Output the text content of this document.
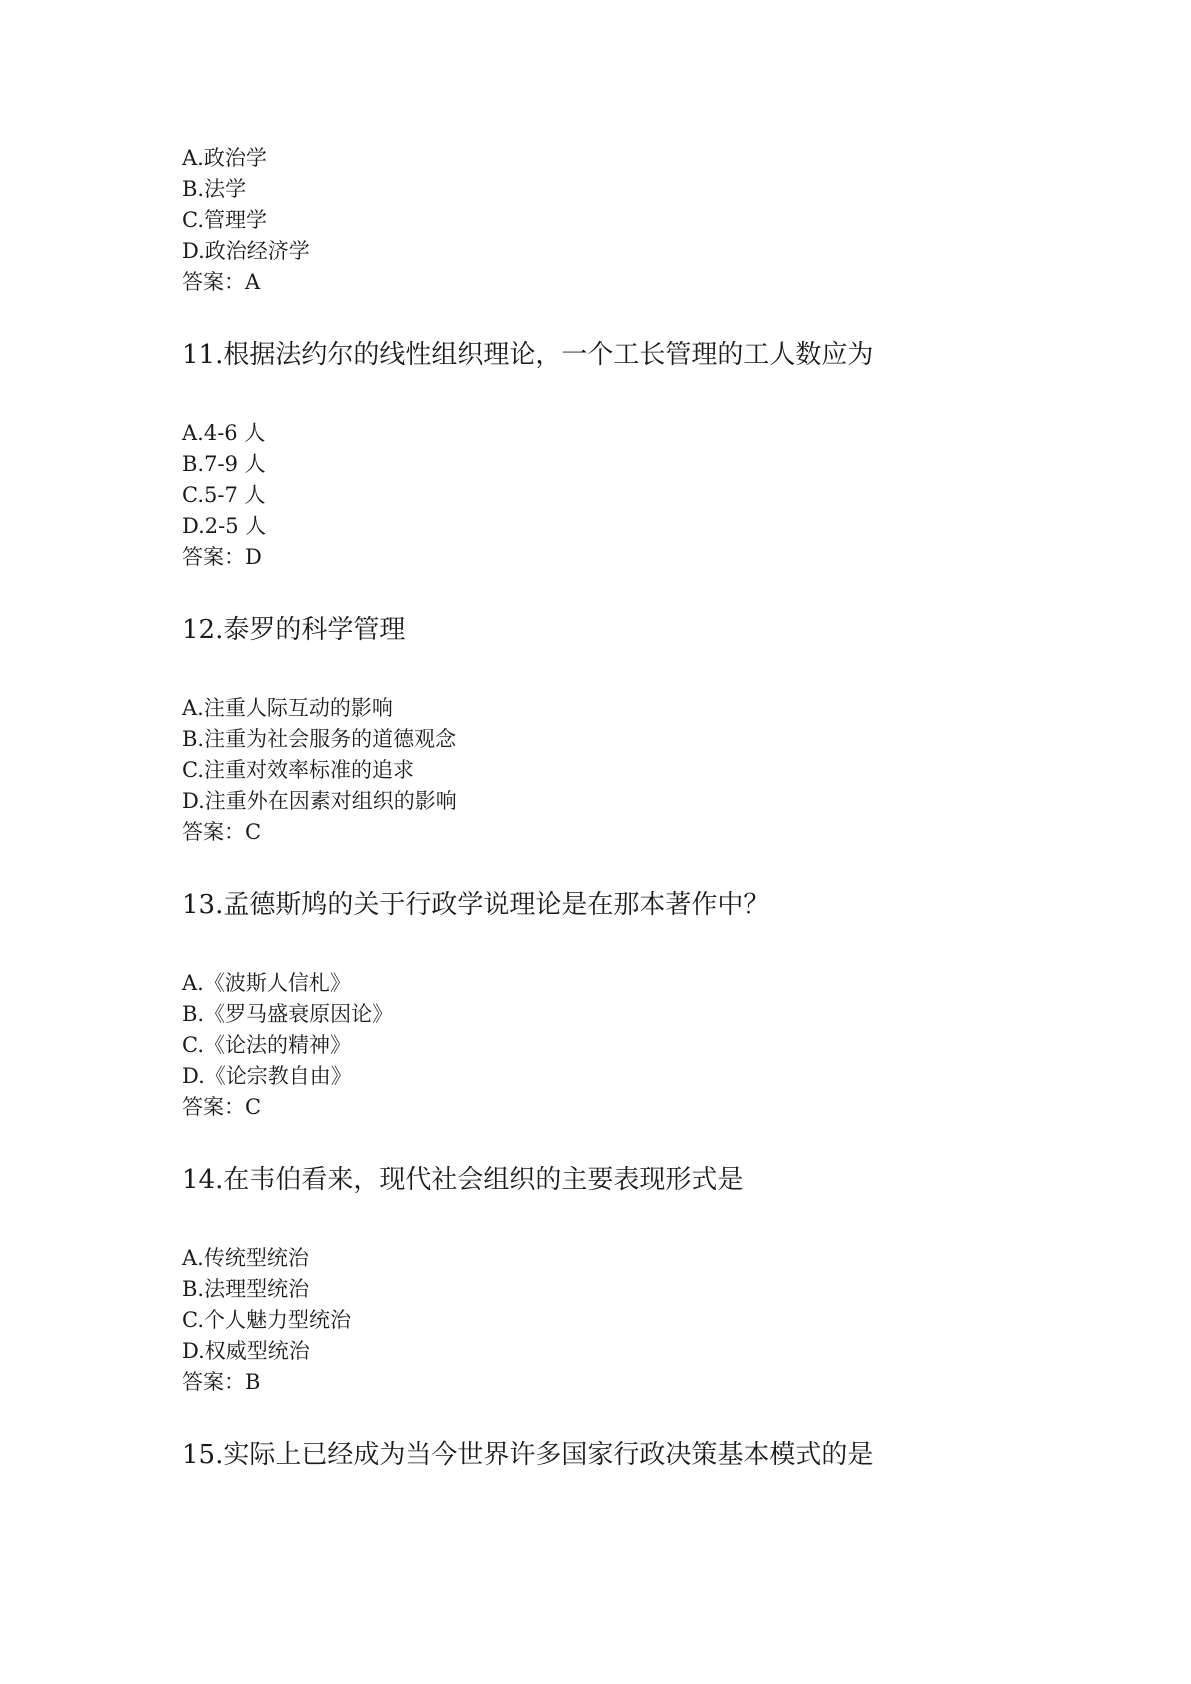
A.政治学
B.法学
C.管理学
D.政治经济学
答案：A
11.根据法约尔的线性组织理论，一个工长管理的工人数应为
A.4-6 人
B.7-9 人
C.5-7 人
D.2-5 人
答案：D
12.泰罗的科学管理
A.注重人际互动的影响
B.注重为社会服务的道德观念
C.注重对效率标准的追求
D.注重外在因素对组织的影响
答案：C
13.孟德斯鸠的关于行政学说理论是在那本著作中？
A.《波斯人信札》
B.《罗马盛衰原因论》
C.《论法的精神》
D.《论宗教自由》
答案：C
14.在韦伯看来，现代社会组织的主要表现形式是
A.传统型统治
B.法理型统治
C.个人魅力型统治
D.权威型统治
答案：B
15.实际上已经成为当今世界许多国家行政决策基本模式的是
